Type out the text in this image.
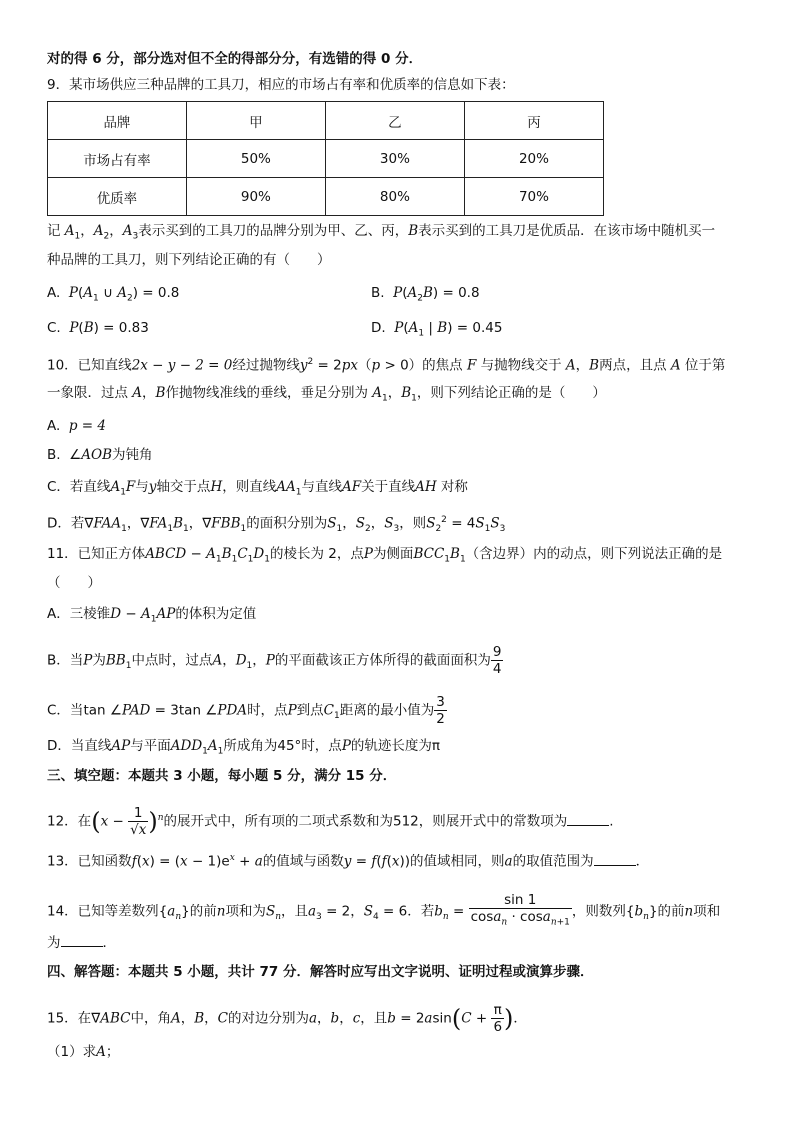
对的得 6 分，部分选对但不全的得部分分，有选错的得 0 分．
9．某市场供应三种品牌的工具刀，相应的市场占有率和优质率的信息如下表：
品牌	甲	乙	丙
市场占有率	50%	30%	20%
优质率	90%	80%	70%
记 $A_1$，$A_2$，$A_3$表示买到的工具刀的品牌分别为甲、乙、丙，B表示买到的工具刀是优质品．在该市场中随机买一
种品牌的工具刀，则下列结论正确的有（　　）
A.  $P(A_1$ ∪ $A_2) = 0.8$	B.  $P(A_2B) = 0.8$
C.  P(B) = 0.83	D.  $P(A_1$ | B) = 0.45
10．已知直线2x − y − 2 = 0经过抛物线$y^2 = 2px(p > 0)$的焦点 F 与抛物线交于 A，B两点，且点 A 位于第
一象限．过点 A，B作抛物线准线的垂线，垂足分别为 $A_1$，$B_1$，则下列结论正确的是（　　）
A.  p = 4
B.  ∠AOB为钝角
C．若直线$A_1F$与y轴交于点H，则直线$AA_1$与直线AF关于直线AH 对称
D．若$\nabla FAA_1$，$\nabla FA_1B_1$，$\nabla FBB_1$的面积分别为$S_1$，$S_2$，$S_3$，则$S_2^2 = 4S_1S_3$
11．已知正方体ABCD − $A_1B_1C_1D_1$的棱长为 2，点P为侧面$BCC_1B_1$（含边界）内的动点，则下列说法正确的是
（　　）
A．三棱锥$D - A_1AP$的体积为定值
B．当P为$BB_1$中点时，过点A，$D_1$，P的平面截该正方体所得的截面面积为 $\frac{9}{4}$
C．当tan ∠PAD = 3tan ∠PDA时，点P到点$C_1$距离的最小值为 $\frac{3}{2}$
D．当直线AP与平面$ADD_1A_1$所成角为45°时，点P的轨迹长度为π
三、填空题：本题共 3 小题，每小题 5 分，满分 15 分．
12．在$(x - \frac{1}{√x} )^n$的展开式中，所有项的二项式系数和为512，则展开式中的常数项为	.
13．已知函数$f(x) = (x - 1)e^x + a$的值域与函数y = f(f(x))的值域相同，则a的取值范围为	．
14．已知等差数列$\{a_n\}$的前n项和为$S_n$，且$a_3 = 2$，$S_4 = 6$．若$b_n = \frac{\sin 1}{\cos a_n \cdot \cos a_{n+1}}$ ，则数列$\{b_n\}$的前n项和
为	．
四、解答题：本题共 5 小题，共计 77 分．解答时应写出文字说明、证明过程或演算步骤．
15．在∇ABC中，角A，B，C的对边分别为a，b，c，且$b = 2asin(C + \frac{\pi}{6}$ )．
（1）求A；
